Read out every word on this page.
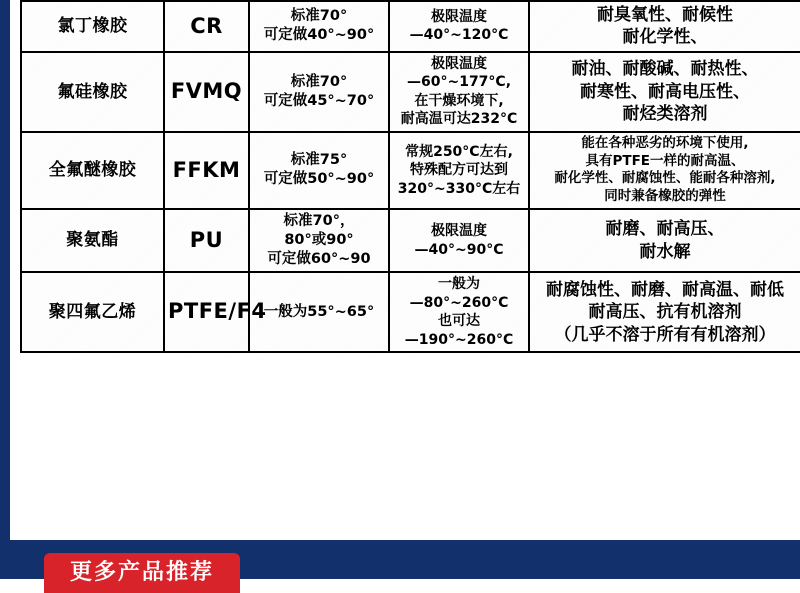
氯丁橡胶	CR	标准70°
可定做40°~90°	极限温度
—40°~120°C	耐臭氧性、耐候性
耐化学性、

氟硅橡胶	FVMQ	标准70°
可定做45°~70°	极限温度
—60°~177°C,
在干燥环境下,
耐高温可达232°C	耐油、耐酸碱、耐热性、
耐寒性、耐高电压性、
耐烃类溶剂

全氟醚橡胶	FFKM	标准75°
可定做50°~90°	常规250°C左右,
特殊配方可达到
320°~330°C左右	能在各种恶劣的环境下使用,
具有PTFE一样的耐高温、
耐化学性、耐腐蚀性、能耐各种溶剂,
同时兼备橡胶的弹性

聚氨酯	PU	标准70°，
80°或90°
可定做60°~90	极限温度
—40°~90°C	耐磨、耐高压、
耐水解

聚四氟乙烯	PTFE/F4	一般为55°~65°	一般为
—80°~260°C
也可达
—190°~260°C	耐腐蚀性、耐磨、耐高温、耐低
耐高压、抗有机溶剂
（几乎不溶于所有有机溶剂）
更多产品推荐
